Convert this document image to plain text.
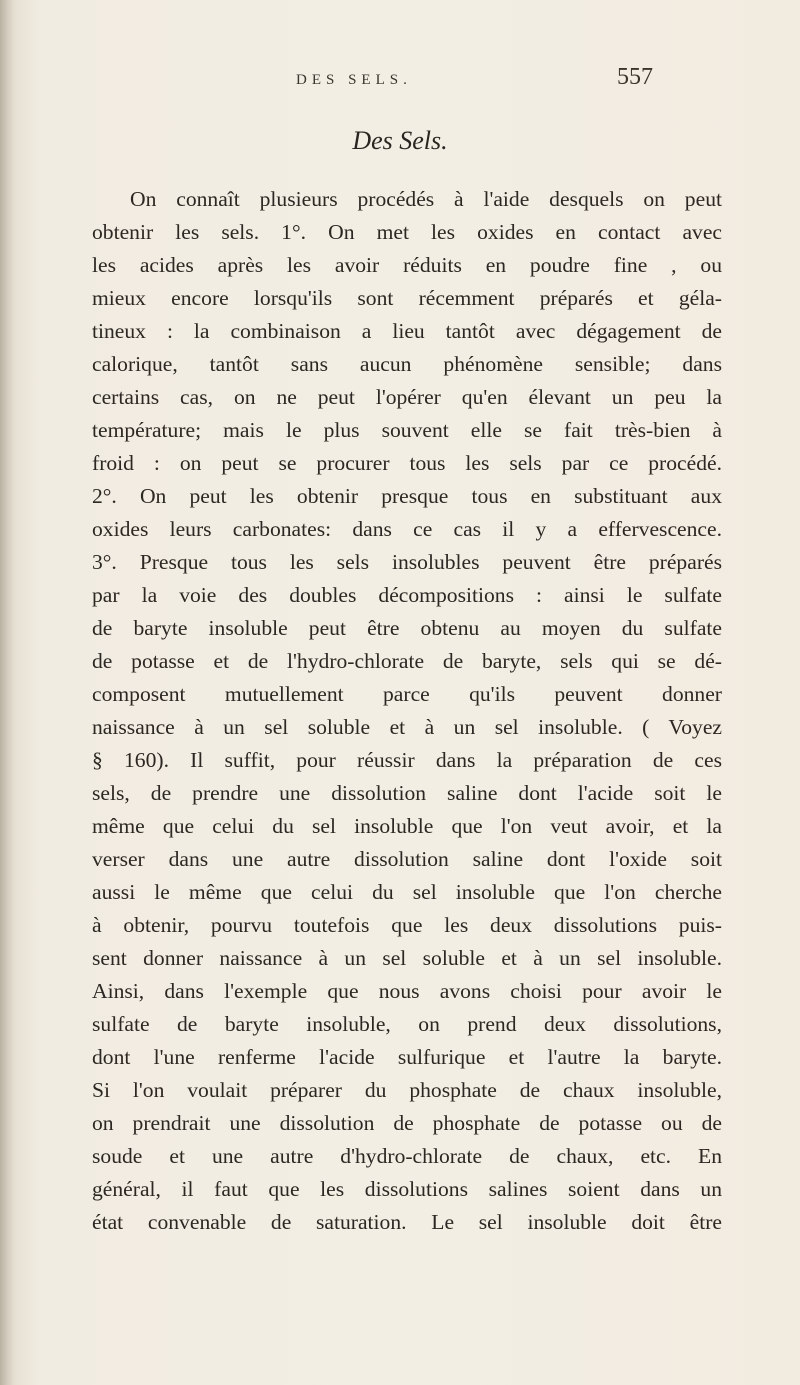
DES SELS.	557
Des Sels.
On connaît plusieurs procédés à l'aide desquels on peut
obtenir les sels. 1°. On met les oxides en contact avec
les acides après les avoir réduits en poudre fine , ou
mieux encore lorsqu'ils sont récemment préparés et géla-
tineux : la combinaison a lieu tantôt avec dégagement de
calorique, tantôt sans aucun phénomène sensible; dans
certains cas, on ne peut l'opérer qu'en élevant un peu la
température; mais le plus souvent elle se fait très-bien à
froid : on peut se procurer tous les sels par ce procédé.
2°. On peut les obtenir presque tous en substituant aux
oxides leurs carbonates: dans ce cas il y a effervescence.
3°. Presque tous les sels insolubles peuvent être préparés
par la voie des doubles décompositions : ainsi le sulfate
de baryte insoluble peut être obtenu au moyen du sulfate
de potasse et de l'hydro-chlorate de baryte, sels qui se dé-
composent mutuellement parce qu'ils peuvent donner
naissance à un sel soluble et à un sel insoluble. ( Voyez
§ 160). Il suffit, pour réussir dans la préparation de ces
sels, de prendre une dissolution saline dont l'acide soit le
même que celui du sel insoluble que l'on veut avoir, et la
verser dans une autre dissolution saline dont l'oxide soit
aussi le même que celui du sel insoluble que l'on cherche
à obtenir, pourvu toutefois que les deux dissolutions puis-
sent donner naissance à un sel soluble et à un sel insoluble.
Ainsi, dans l'exemple que nous avons choisi pour avoir le
sulfate de baryte insoluble, on prend deux dissolutions,
dont l'une renferme l'acide sulfurique et l'autre la baryte.
Si l'on voulait préparer du phosphate de chaux insoluble,
on prendrait une dissolution de phosphate de potasse ou de
soude et une autre d'hydro-chlorate de chaux, etc. En
général, il faut que les dissolutions salines soient dans un
état convenable de saturation. Le sel insoluble doit être
